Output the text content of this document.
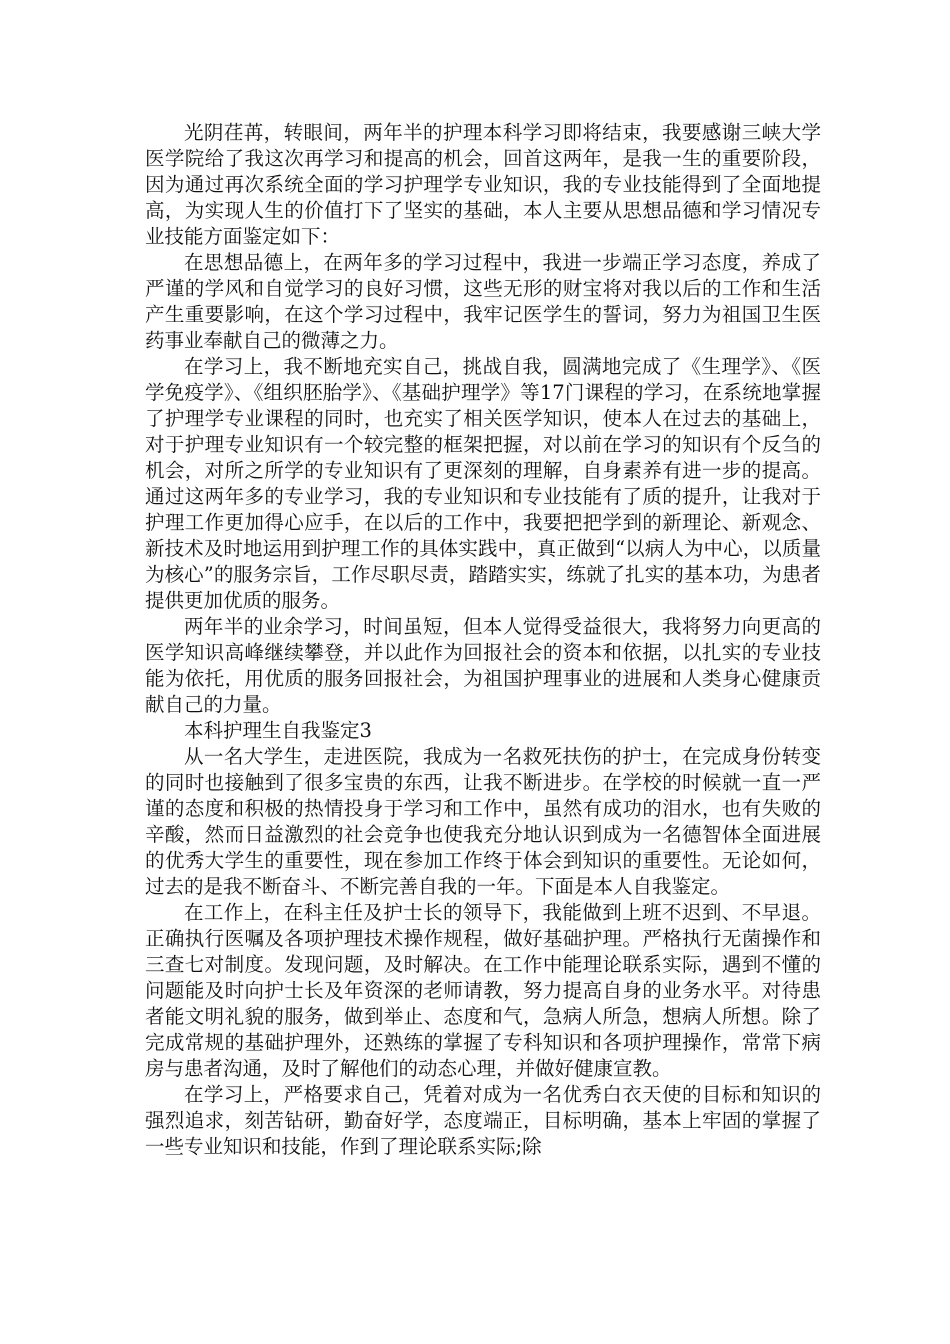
光阴荏苒，转眼间，两年半的护理本科学习即将结束，我要感谢三峡大学医学院给了我这次再学习和提高的机会，回首这两年，是我一生的重要阶段，因为通过再次系统全面的学习护理学专业知识，我的专业技能得到了全面地提高，为实现人生的价值打下了坚实的基础，本人主要从思想品德和学习情况专业技能方面鉴定如下：

在思想品德上，在两年多的学习过程中，我进一步端正学习态度，养成了严谨的学风和自觉学习的良好习惯，这些无形的财宝将对我以后的工作和生活产生重要影响，在这个学习过程中，我牢记医学生的誓词，努力为祖国卫生医药事业奉献自己的微薄之力。

在学习上，我不断地充实自己，挑战自我，圆满地完成了《生理学》、《医学免疫学》、《组织胚胎学》、《基础护理学》等17门课程的学习，在系统地掌握了护理学专业课程的同时，也充实了相关医学知识，使本人在过去的基础上，对于护理专业知识有一个较完整的框架把握，对以前在学习的知识有个反刍的机会，对所之所学的专业知识有了更深刻的理解，自身素养有进一步的提高。通过这两年多的专业学习，我的专业知识和专业技能有了质的提升，让我对于护理工作更加得心应手，在以后的工作中，我要把把学到的新理论、新观念、新技术及时地运用到护理工作的具体实践中，真正做到“以病人为中心，以质量为核心”的服务宗旨，工作尽职尽责，踏踏实实，练就了扎实的基本功，为患者提供更加优质的服务。

两年半的业余学习，时间虽短，但本人觉得受益很大，我将努力向更高的医学知识高峰继续攀登，并以此作为回报社会的资本和依据，以扎实的专业技能为依托，用优质的服务回报社会，为祖国护理事业的进展和人类身心健康贡献自己的力量。

本科护理生自我鉴定3

从一名大学生，走进医院，我成为一名救死扶伤的护士，在完成身份转变的同时也接触到了很多宝贵的东西，让我不断进步。在学校的时候就一直一严谨的态度和积极的热情投身于学习和工作中，虽然有成功的泪水，也有失败的辛酸，然而日益激烈的社会竞争也使我充分地认识到成为一名德智体全面进展的优秀大学生的重要性，现在参加工作终于体会到知识的重要性。无论如何，过去的是我不断奋斗、不断完善自我的一年。下面是本人自我鉴定。

在工作上，在科主任及护士长的领导下，我能做到上班不迟到、不早退。正确执行医嘱及各项护理技术操作规程，做好基础护理。严格执行无菌操作和三查七对制度。发现问题，及时解决。在工作中能理论联系实际，遇到不懂的问题能及时向护士长及年资深的老师请教，努力提高自身的业务水平。对待患者能文明礼貌的服务，做到举止、态度和气，急病人所急，想病人所想。除了完成常规的基础护理外，还熟练的掌握了专科知识和各项护理操作，常常下病房与患者沟通，及时了解他们的动态心理，并做好健康宣教。

在学习上，严格要求自己，凭着对成为一名优秀白衣天使的目标和知识的强烈追求，刻苦钻研，勤奋好学，态度端正，目标明确，基本上牢固的掌握了一些专业知识和技能，作到了理论联系实际;除
